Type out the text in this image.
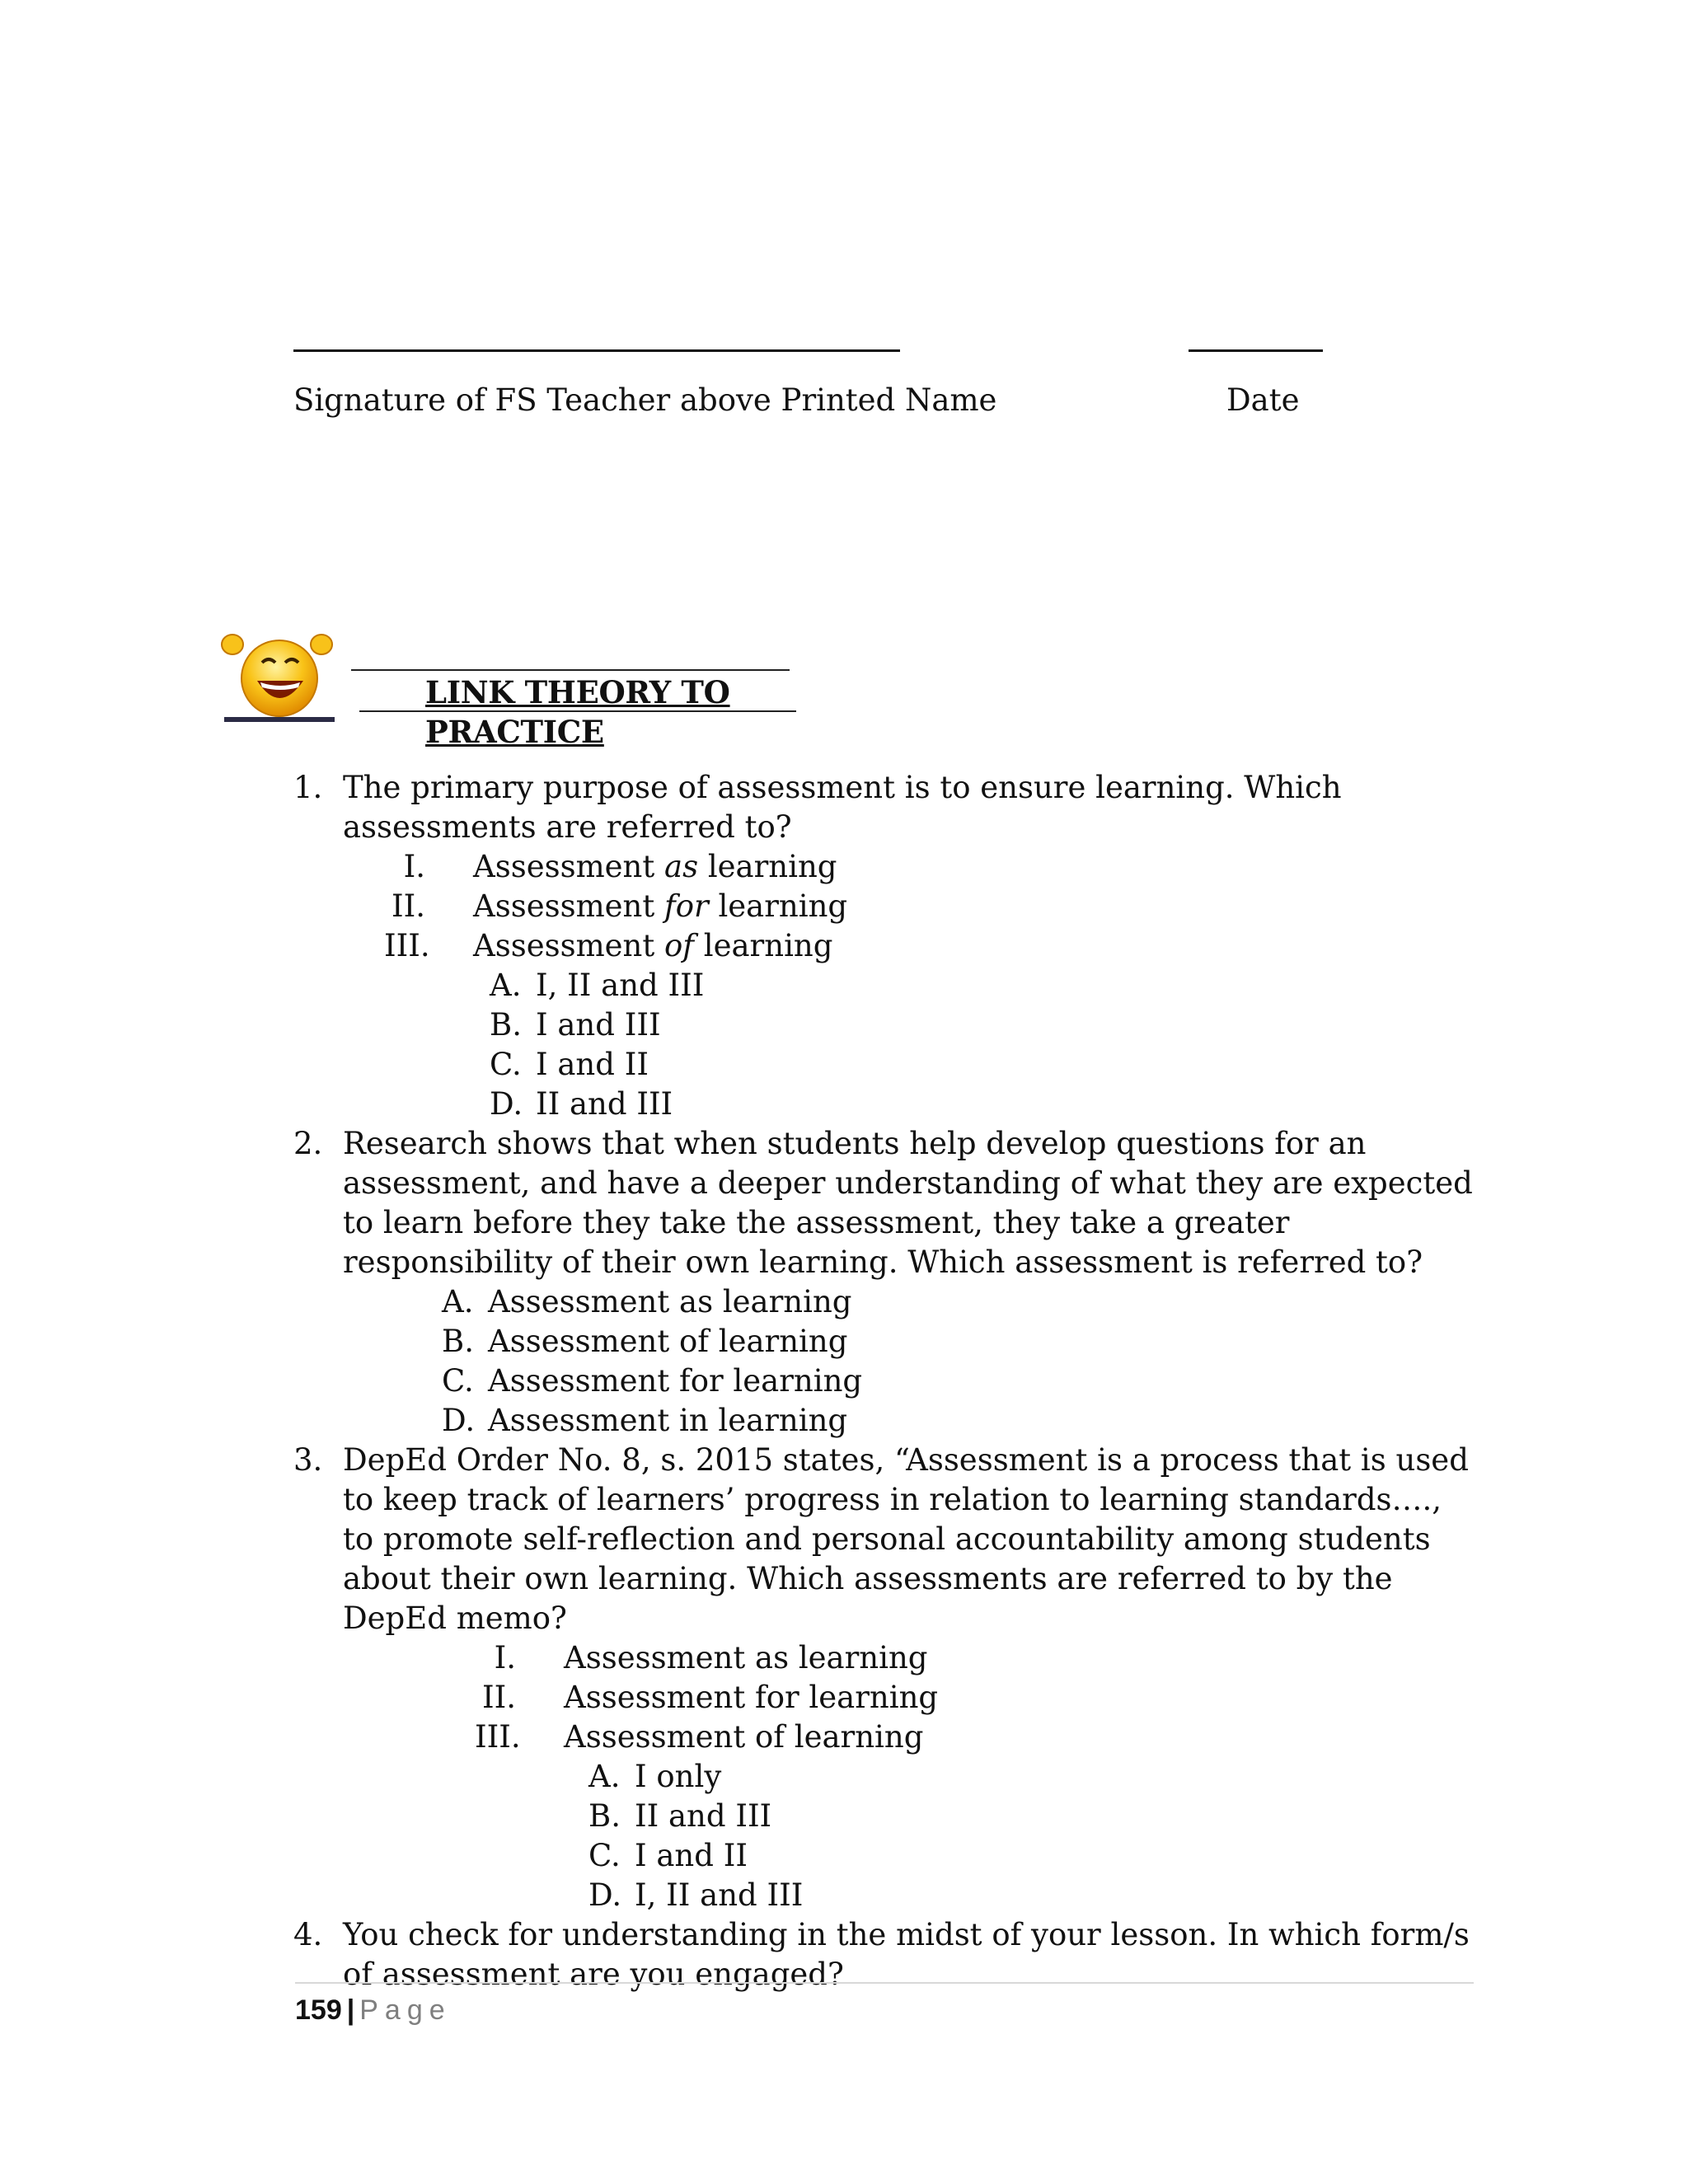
Signature of FS Teacher above Printed Name	Date
LINK THEORY TO PRACTICE
1. The primary purpose of assessment is to ensure learning. Which assessments are referred to?
I. Assessment as learning
II. Assessment for learning
III. Assessment of learning
A. I, II and III
B. I and III
C. I and II
D. II and III
2. Research shows that when students help develop questions for an assessment, and have a deeper understanding of what they are expected to learn before they take the assessment, they take a greater responsibility of their own learning. Which assessment is referred to?
A. Assessment as learning
B. Assessment of learning
C. Assessment for learning
D. Assessment in learning
3. DepEd Order No. 8, s. 2015 states, “Assessment is a process that is used to keep track of learners’ progress in relation to learning standards…., to promote self-reflection and personal accountability among students about their own learning. Which assessments are referred to by the DepEd memo?
I. Assessment as learning
II. Assessment for learning
III. Assessment of learning
A. I only
B. II and III
C. I and II
D. I, II and III
4. You check for understanding in the midst of your lesson. In which form/s of assessment are you engaged?
159 | Page
